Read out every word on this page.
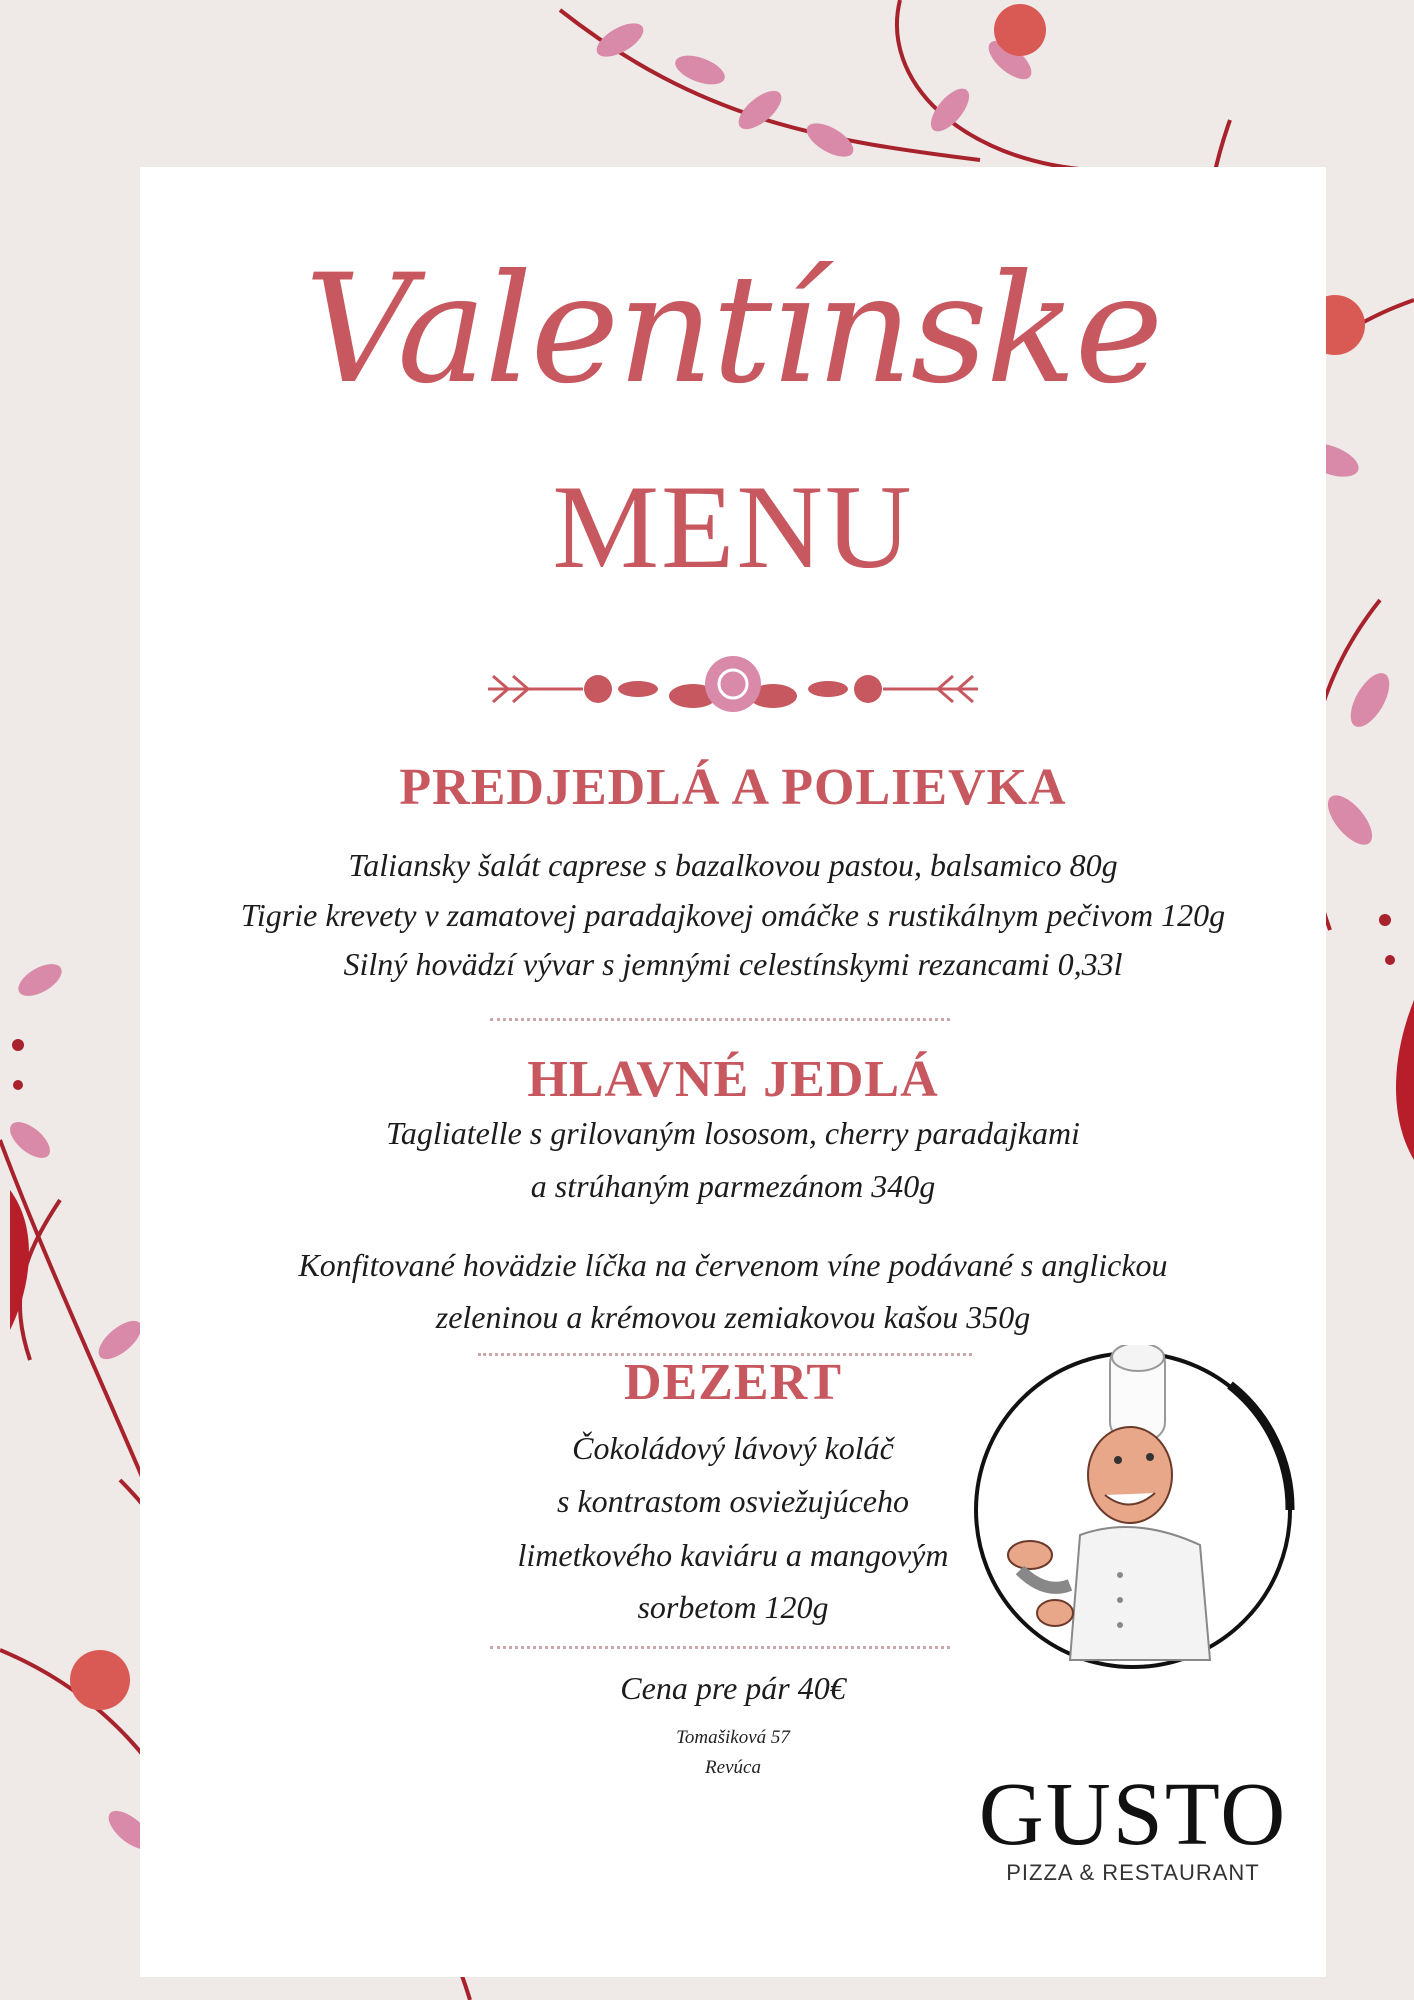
Valentínske
MENU
PREDJEDLÁ A POLIEVKA
Taliansky šalát caprese s bazalkovou pastou, balsamico 80g
Tigrie krevety v zamatovej paradajkovej omáčke s rustikálnym pečivom 120g
Silný hovädzí vývar s jemnými celestínskymi rezancami 0,33l
HLAVNÉ JEDLÁ
Tagliatelle s grilovaným lososom, cherry paradajkami
a strúhaným parmezánom 340g
Konfitované hovädzie líčka na červenom víne podávané s anglickou
zeleninou a krémovou zemiakovou kašou 350g
DEZERT
Čokoládový lávový koláč
s kontrastom osviežujúceho
limetkového kaviáru a mangovým
sorbetom 120g
Cena pre pár 40€
Tomašiková 57
Revúca	GUSTO
PIZZA & RESTAURANT
